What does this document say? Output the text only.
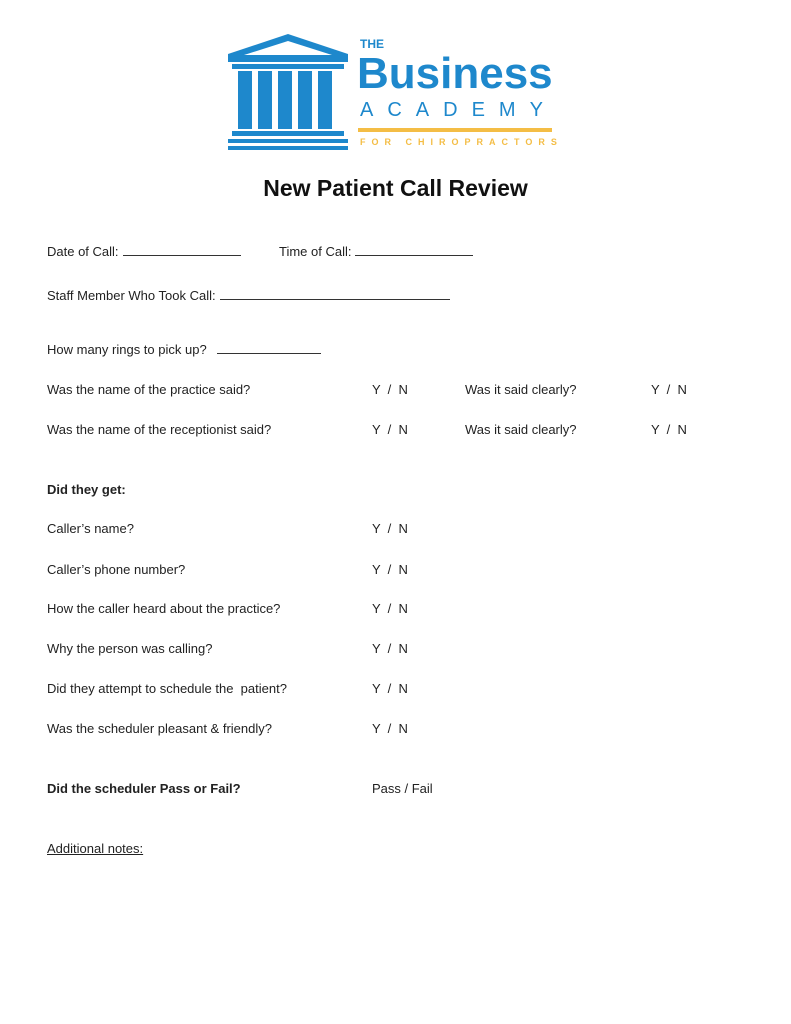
THE
Business
ACADEMY
FOR CHIROPRACTORS
New Patient Call Review
Date of Call:	Time of Call:
Staff Member Who Took Call:
How many rings to pick up?
Was the name of the practice said?	Y  /  N	Was it said clearly?	Y  /  N
Was the name of the receptionist said?	Y  /  N	Was it said clearly?	Y  /  N
Did they get:
Caller’s name?	Y  /  N
Caller’s phone number?	Y  /  N
How the caller heard about the practice?	Y  /  N
Why the person was calling?	Y  /  N
Did they attempt to schedule the  patient?	Y  /  N
Was the scheduler pleasant & friendly?	Y  /  N
Did the scheduler Pass or Fail?	Pass / Fail
Additional notes:
